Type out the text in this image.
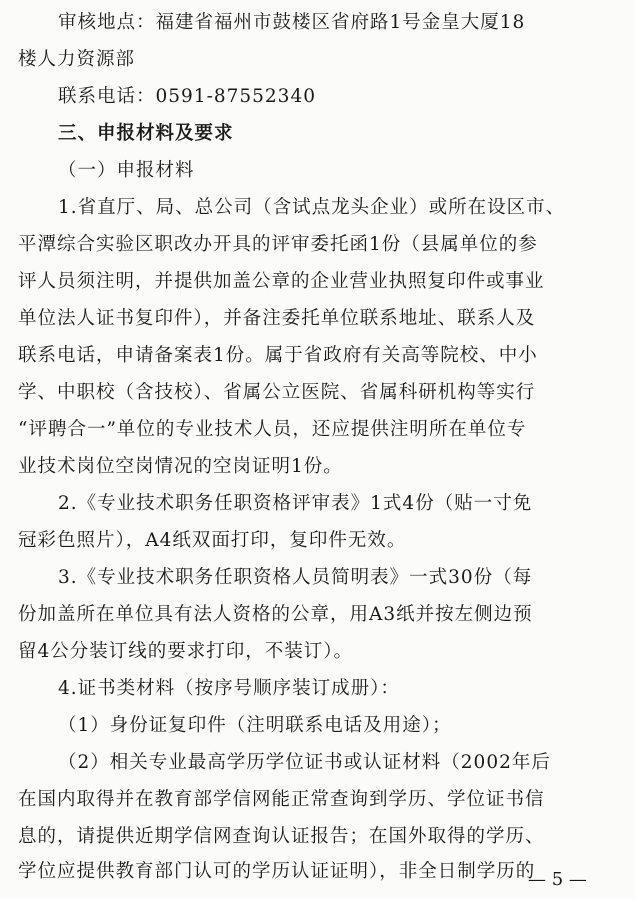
审核地点：福建省福州市鼓楼区省府路1号金皇大厦18
楼人力资源部
联系电话：0591-87552340
三、申报材料及要求
（一）申报材料
1.省直厅、局、总公司（含试点龙头企业）或所在设区市、
平潭综合实验区职改办开具的评审委托函1份（县属单位的参
评人员须注明，并提供加盖公章的企业营业执照复印件或事业
单位法人证书复印件），并备注委托单位联系地址、联系人及
联系电话，申请备案表1份。属于省政府有关高等院校、中小
学、中职校（含技校）、省属公立医院、省属科研机构等实行
“评聘合一”单位的专业技术人员，还应提供注明所在单位专
业技术岗位空岗情况的空岗证明1份。
2.《专业技术职务任职资格评审表》1式4份（贴一寸免
冠彩色照片），A4纸双面打印，复印件无效。
3.《专业技术职务任职资格人员简明表》一式30份（每
份加盖所在单位具有法人资格的公章，用A3纸并按左侧边预
留4公分装订线的要求打印，不装订）。
4.证书类材料（按序号顺序装订成册）：
（1）身份证复印件（注明联系电话及用途）；
（2）相关专业最高学历学位证书或认证材料（2002年后
在国内取得并在教育部学信网能正常查询到学历、学位证书信
息的，请提供近期学信网查询认证报告；在国外取得的学历、
学位应提供教育部门认可的学历认证证明），非全日制学历的
— 5 —
